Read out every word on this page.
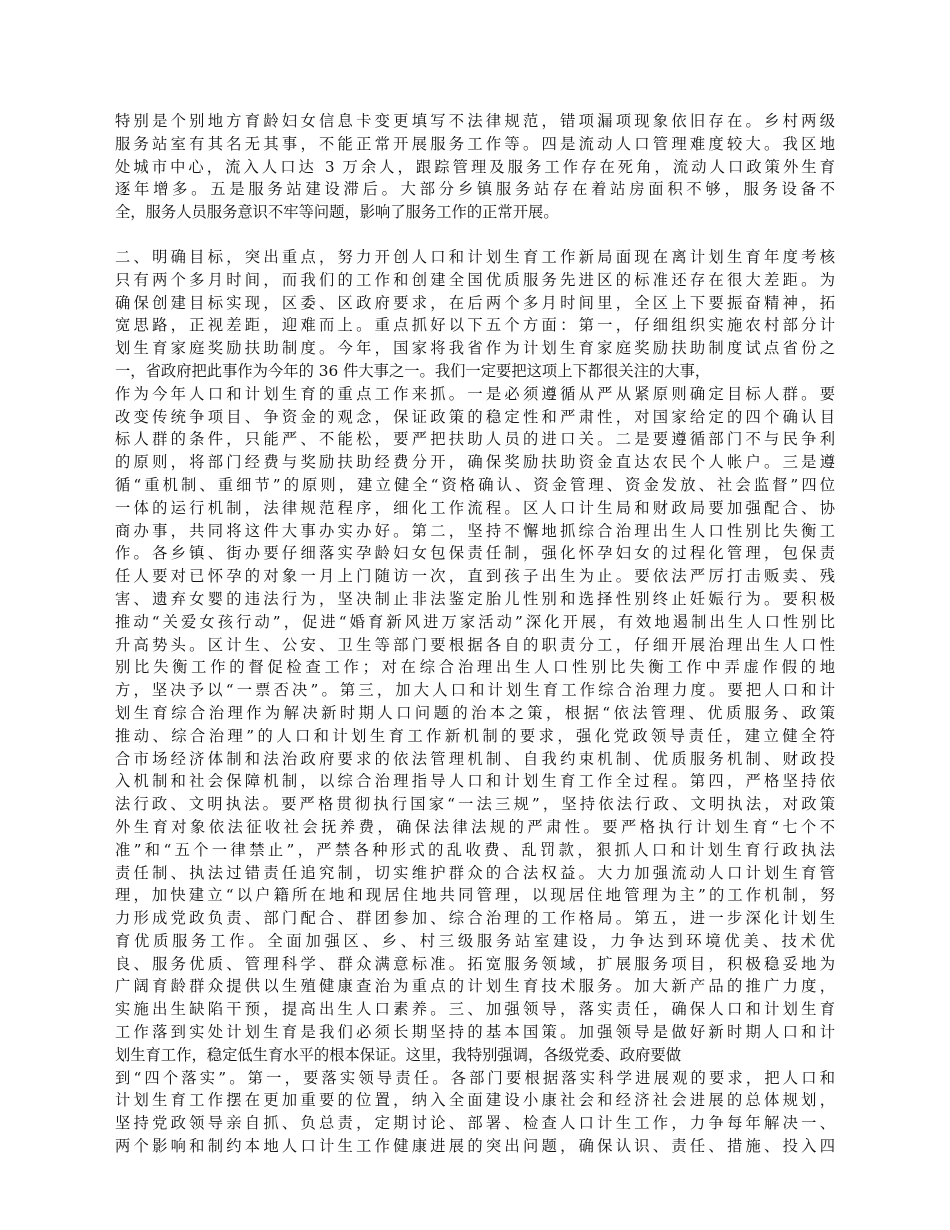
特别是个别地方育龄妇女信息卡变更填写不法律规范，错项漏项现象依旧存在。乡村两级
服务站室有其名无其事，不能正常开展服务工作等。四是流动人口管理难度较大。我区地
处城市中心，流入人口达 3 万余人，跟踪管理及服务工作存在死角，流动人口政策外生育
逐年增多。五是服务站建设滞后。大部分乡镇服务站存在着站房面积不够，服务设备不
全，服务人员服务意识不牢等问题，影响了服务工作的正常开展。
二、明确目标，突出重点，努力开创人口和计划生育工作新局面现在离计划生育年度考核
只有两个多月时间，而我们的工作和创建全国优质服务先进区的标准还存在很大差距。为
确保创建目标实现，区委、区政府要求，在后两个多月时间里，全区上下要振奋精神，拓
宽思路，正视差距，迎难而上。重点抓好以下五个方面：第一，仔细组织实施农村部分计
划生育家庭奖励扶助制度。今年，国家将我省作为计划生育家庭奖励扶助制度试点省份之
一，省政府把此事作为今年的 36 件大事之一。我们一定要把这项上下都很关注的大事，
作为今年人口和计划生育的重点工作来抓。一是必须遵循从严从紧原则确定目标人群。要
改变传统争项目、争资金的观念，保证政策的稳定性和严肃性，对国家给定的四个确认目
标人群的条件，只能严、不能松，要严把扶助人员的进口关。二是要遵循部门不与民争利
的原则，将部门经费与奖励扶助经费分开，确保奖励扶助资金直达农民个人帐户。三是遵
循“重机制、重细节”的原则，建立健全“资格确认、资金管理、资金发放、社会监督”四位
一体的运行机制，法律规范程序，细化工作流程。区人口计生局和财政局要加强配合、协
商办事，共同将这件大事办实办好。第二，坚持不懈地抓综合治理出生人口性别比失衡工
作。各乡镇、街办要仔细落实孕龄妇女包保责任制，强化怀孕妇女的过程化管理，包保责
任人要对已怀孕的对象一月上门随访一次，直到孩子出生为止。要依法严厉打击贩卖、残
害、遗弃女婴的违法行为，坚决制止非法鉴定胎儿性别和选择性别终止妊娠行为。要积极
推动“关爱女孩行动”，促进“婚育新风进万家活动”深化开展，有效地遏制出生人口性别比
升高势头。区计生、公安、卫生等部门要根据各自的职责分工，仔细开展治理出生人口性
别比失衡工作的督促检查工作；对在综合治理出生人口性别比失衡工作中弄虚作假的地
方，坚决予以“一票否决”。第三，加大人口和计划生育工作综合治理力度。要把人口和计
划生育综合治理作为解决新时期人口问题的治本之策，根据“依法管理、优质服务、政策
推动、综合治理”的人口和计划生育工作新机制的要求，强化党政领导责任，建立健全符
合市场经济体制和法治政府要求的依法管理机制、自我约束机制、优质服务机制、财政投
入机制和社会保障机制，以综合治理指导人口和计划生育工作全过程。第四，严格坚持依
法行政、文明执法。要严格贯彻执行国家“一法三规”，坚持依法行政、文明执法，对政策
外生育对象依法征收社会抚养费，确保法律法规的严肃性。要严格执行计划生育“七个不
准”和“五个一律禁止”，严禁各种形式的乱收费、乱罚款，狠抓人口和计划生育行政执法
责任制、执法过错责任追究制，切实维护群众的合法权益。大力加强流动人口计划生育管
理，加快建立“以户籍所在地和现居住地共同管理，以现居住地管理为主”的工作机制，努
力形成党政负责、部门配合、群团参加、综合治理的工作格局。第五，进一步深化计划生
育优质服务工作。全面加强区、乡、村三级服务站室建设，力争达到环境优美、技术优
良、服务优质、管理科学、群众满意标准。拓宽服务领域，扩展服务项目，积极稳妥地为
广阔育龄群众提供以生殖健康查治为重点的计划生育技术服务。加大新产品的推广力度，
实施出生缺陷干预，提高出生人口素养。三、加强领导，落实责任，确保人口和计划生育
工作落到实处计划生育是我们必须长期坚持的基本国策。加强领导是做好新时期人口和计
划生育工作，稳定低生育水平的根本保证。这里，我特别强调，各级党委、政府要做
到“四个落实”。第一，要落实领导责任。各部门要根据落实科学进展观的要求，把人口和
计划生育工作摆在更加重要的位置，纳入全面建设小康社会和经济社会进展的总体规划，
坚持党政领导亲自抓、负总责，定期讨论、部署、检查人口计生工作，力争每年解决一、
两个影响和制约本地人口计生工作健康进展的突出问题，确保认识、责任、措施、投入四
